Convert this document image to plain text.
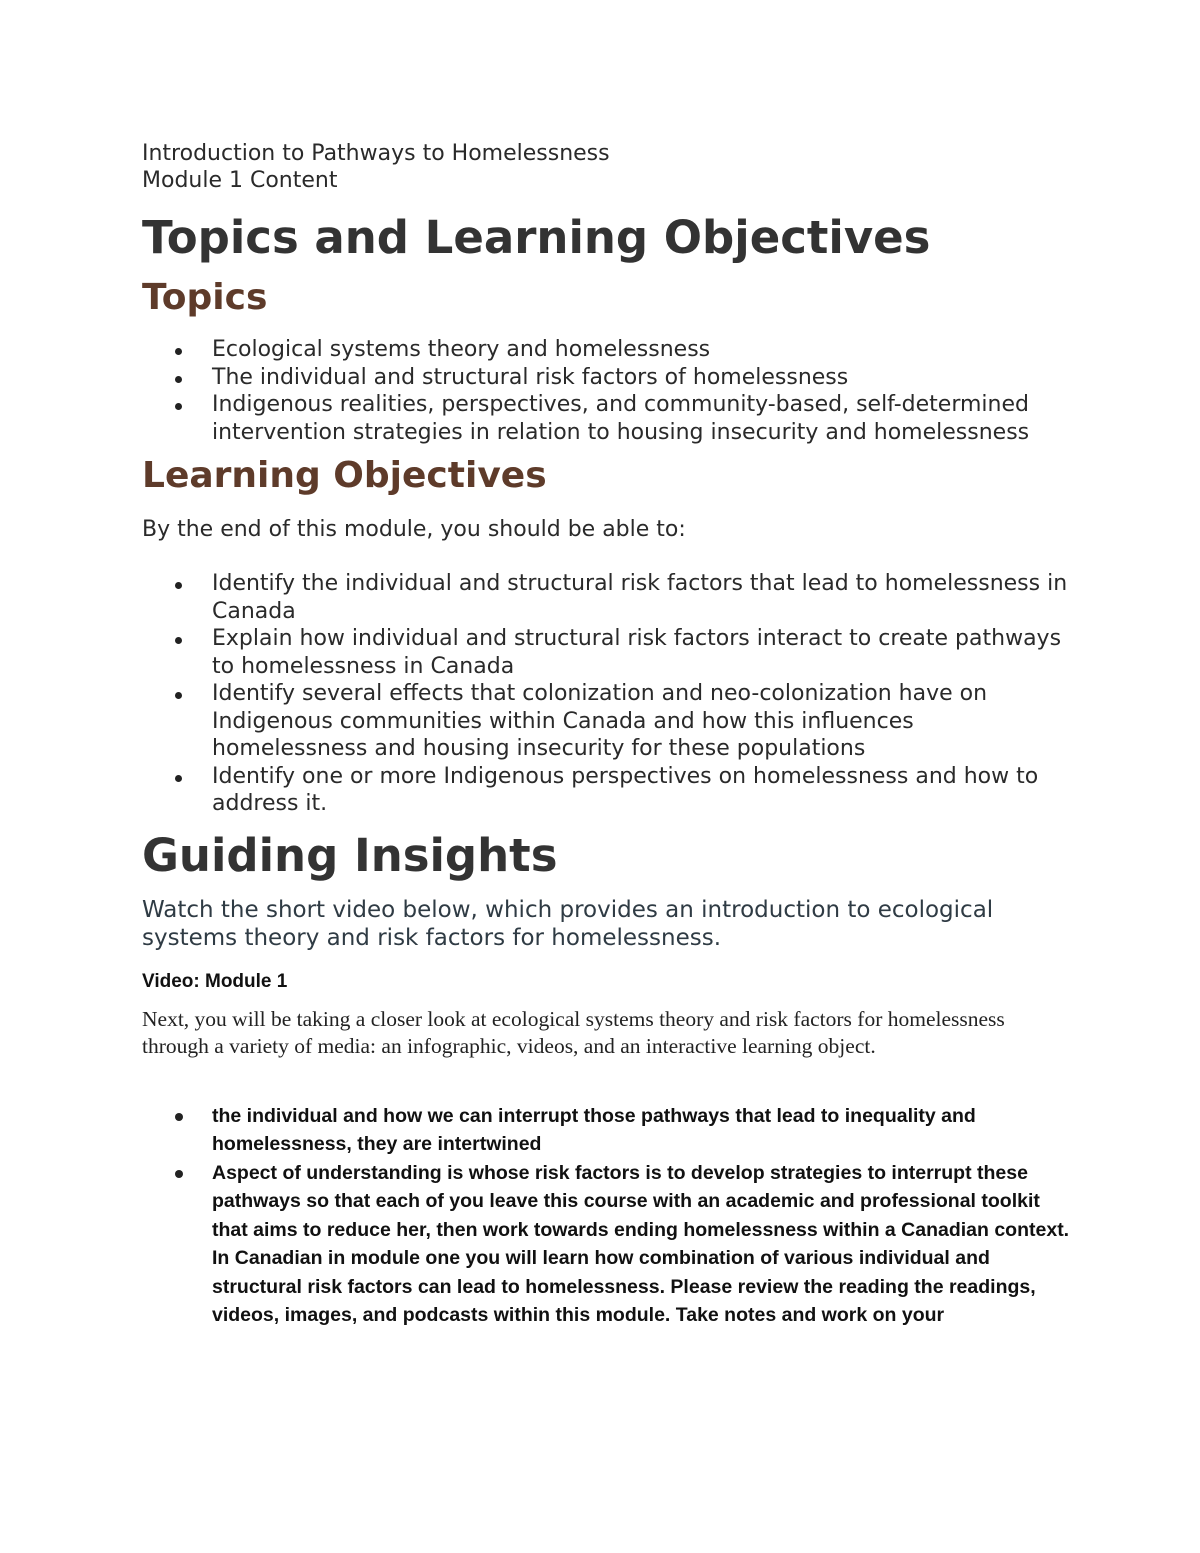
Introduction to Pathways to Homelessness

Module 1 Content

Topics and Learning Objectives
Topics
Ecological systems theory and homelessness
The individual and structural risk factors of homelessness
Indigenous realities, perspectives, and community-based, self-determined intervention strategies in relation to housing insecurity and homelessness
Learning Objectives

By the end of this module, you should be able to:

Identify the individual and structural risk factors that lead to homelessness in Canada
Explain how individual and structural risk factors interact to create pathways to homelessness in Canada
Identify several effects that colonization and neo-colonization have on Indigenous communities within Canada and how this influences homelessness and housing insecurity for these populations
Identify one or more Indigenous perspectives on homelessness and how to address it.
Guiding Insights

Watch the short video below, which provides an introduction to ecological systems theory and risk factors for homelessness.

Video: Module 1

Next, you will be taking a closer look at ecological systems theory and risk factors for homelessness through a variety of media: an infographic, videos, and an interactive learning object.

the individual and how we can interrupt those pathways that lead to inequality and homelessness, they are intertwined
Aspect of understanding is whose risk factors is to develop strategies to interrupt these pathways so that each of you leave this course with an academic and professional toolkit that aims to reduce her, then work towards ending homelessness within a Canadian context. In Canadian in module one you will learn how combination of various individual and structural risk factors can lead to homelessness. Please review the reading the readings, videos, images, and podcasts within this module. Take notes and work on your
